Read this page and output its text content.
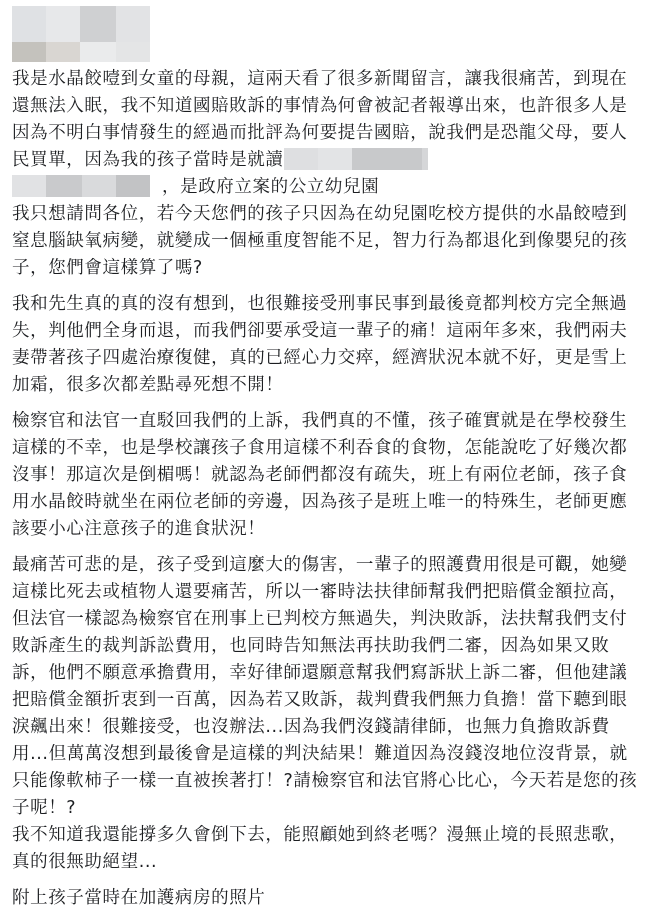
我是水晶餃噎到女童的母親，這兩天看了很多新聞留言，讓我很痛苦，到現在還無法入眠，我不知道國賠敗訴的事情為何會被記者報導出來，也許很多人是因為不明白事情發生的經過而批評為何要提告國賠，說我們是恐龍父母，要人民買單，因為我的孩子當時是就讀
，是政府立案的公立幼兒園

我只想請問各位，若今天您們的孩子只因為在幼兒園吃校方提供的水晶餃噎到窒息腦缺氧病變，就變成一個極重度智能不足，智力行為都退化到像嬰兒的孩子，您們會這樣算了嗎?

我和先生真的真的沒有想到，也很難接受刑事民事到最後竟都判校方完全無過失，判他們全身而退，而我們卻要承受這一輩子的痛！這兩年多來，我們兩夫妻帶著孩子四處治療復健，真的已經心力交瘁，經濟狀況本就不好，更是雪上加霜，很多次都差點尋死想不開！

檢察官和法官一直駁回我們的上訴，我們真的不懂，孩子確實就是在學校發生這樣的不幸，也是學校讓孩子食用這樣不利吞食的食物，怎能說吃了好幾次都沒事！那這次是倒楣嗎！就認為老師們都沒有疏失，班上有兩位老師，孩子食用水晶餃時就坐在兩位老師的旁邊，因為孩子是班上唯一的特殊生，老師更應該要小心注意孩子的進食狀況！

最痛苦可悲的是，孩子受到這麼大的傷害，一輩子的照護費用很是可觀，她變這樣比死去或植物人還要痛苦，所以一審時法扶律師幫我們把賠償金額拉高，但法官一樣認為檢察官在刑事上已判校方無過失，判決敗訴，法扶幫我們支付敗訴產生的裁判訴訟費用，也同時告知無法再扶助我們二審，因為如果又敗訴，他們不願意承擔費用，幸好律師還願意幫我們寫訴狀上訴二審，但他建議把賠償金額折衷到一百萬，因為若又敗訴，裁判費我們無力負擔！當下聽到眼淚飆出來！很難接受，也沒辦法...因為我們沒錢請律師，也無力負擔敗訴費用...但萬萬沒想到最後會是這樣的判決結果！難道因為沒錢沒地位沒背景，就只能像軟柿子一樣一直被挨著打！?請檢察官和法官將心比心，今天若是您的孩子呢！?

我不知道我還能撐多久會倒下去，能照顧她到終老嗎？漫無止境的長照悲歌，真的很無助絕望...

附上孩子當時在加護病房的照片
